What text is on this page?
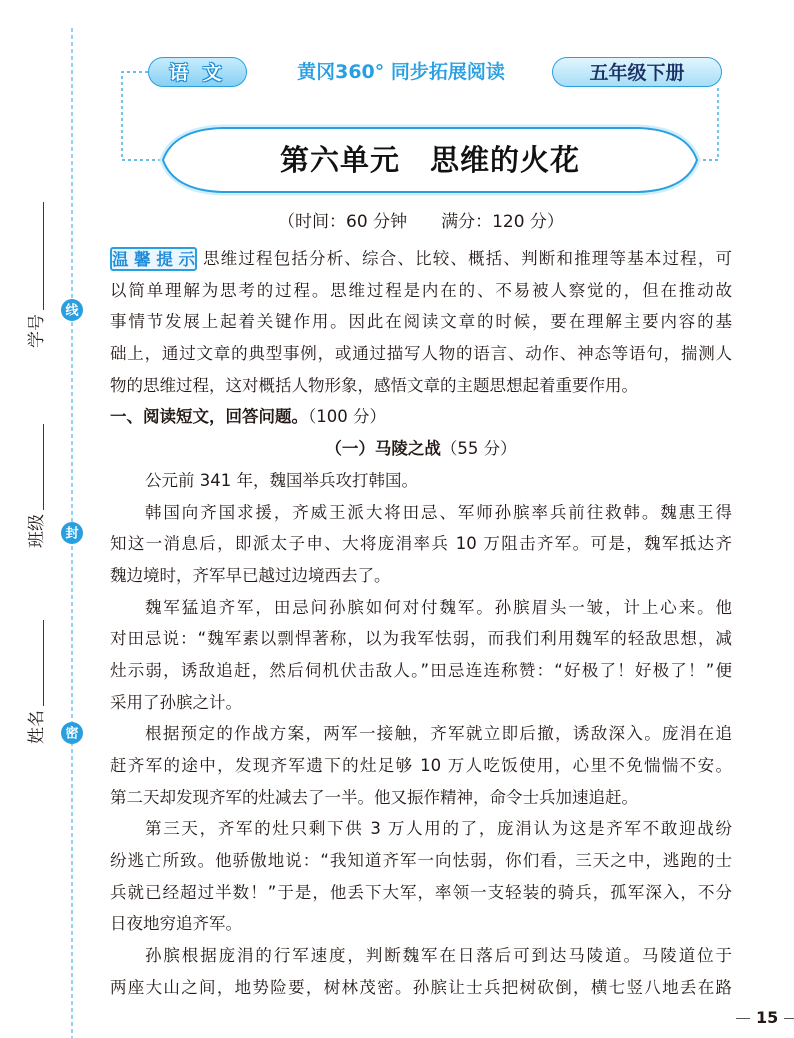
线
封
密
学号
班级
姓名
语 文	黄冈360° 同步拓展阅读	五年级下册
第六单元　思维的火花
（时间：60 分钟　　满分：120 分）
温馨提示 思维过程包括分析、综合、比较、概括、判断和推理等基本过程，可
以简单理解为思考的过程。思维过程是内在的、不易被人察觉的，但在推动故
事情节发展上起着关键作用。因此在阅读文章的时候，要在理解主要内容的基
础上，通过文章的典型事例，或通过描写人物的语言、动作、神态等语句，揣测人
物的思维过程，这对概括人物形象，感悟文章的主题思想起着重要作用。
一、阅读短文，回答问题。（100 分）
（一）马陵之战（55 分）
公元前 341 年，魏国举兵攻打韩国。
韩国向齐国求援，齐威王派大将田忌、军师孙膑率兵前往救韩。魏惠王得
知这一消息后，即派太子申、大将庞涓率兵 10 万阻击齐军。可是，魏军抵达齐
魏边境时，齐军早已越过边境西去了。
魏军猛追齐军，田忌问孙膑如何对付魏军。孙膑眉头一皱，计上心来。他
对田忌说：“魏军素以剽悍著称，以为我军怯弱，而我们利用魏军的轻敌思想，减
灶示弱，诱敌追赶，然后伺机伏击敌人。”田忌连连称赞：“好极了！好极了！”便
采用了孙膑之计。
根据预定的作战方案，两军一接触，齐军就立即后撤，诱敌深入。庞涓在追
赶齐军的途中，发现齐军遗下的灶足够 10 万人吃饭使用，心里不免惴惴不安。
第二天却发现齐军的灶减去了一半。他又振作精神，命令士兵加速追赶。
第三天，齐军的灶只剩下供 3 万人用的了，庞涓认为这是齐军不敢迎战纷
纷逃亡所致。他骄傲地说：“我知道齐军一向怯弱，你们看，三天之中，逃跑的士
兵就已经超过半数！”于是，他丢下大军，率领一支轻装的骑兵，孤军深入，不分
日夜地穷追齐军。
孙膑根据庞涓的行军速度，判断魏军在日落后可到达马陵道。马陵道位于
两座大山之间，地势险要，树林茂密。孙膑让士兵把树砍倒，横七竖八地丢在路
15
